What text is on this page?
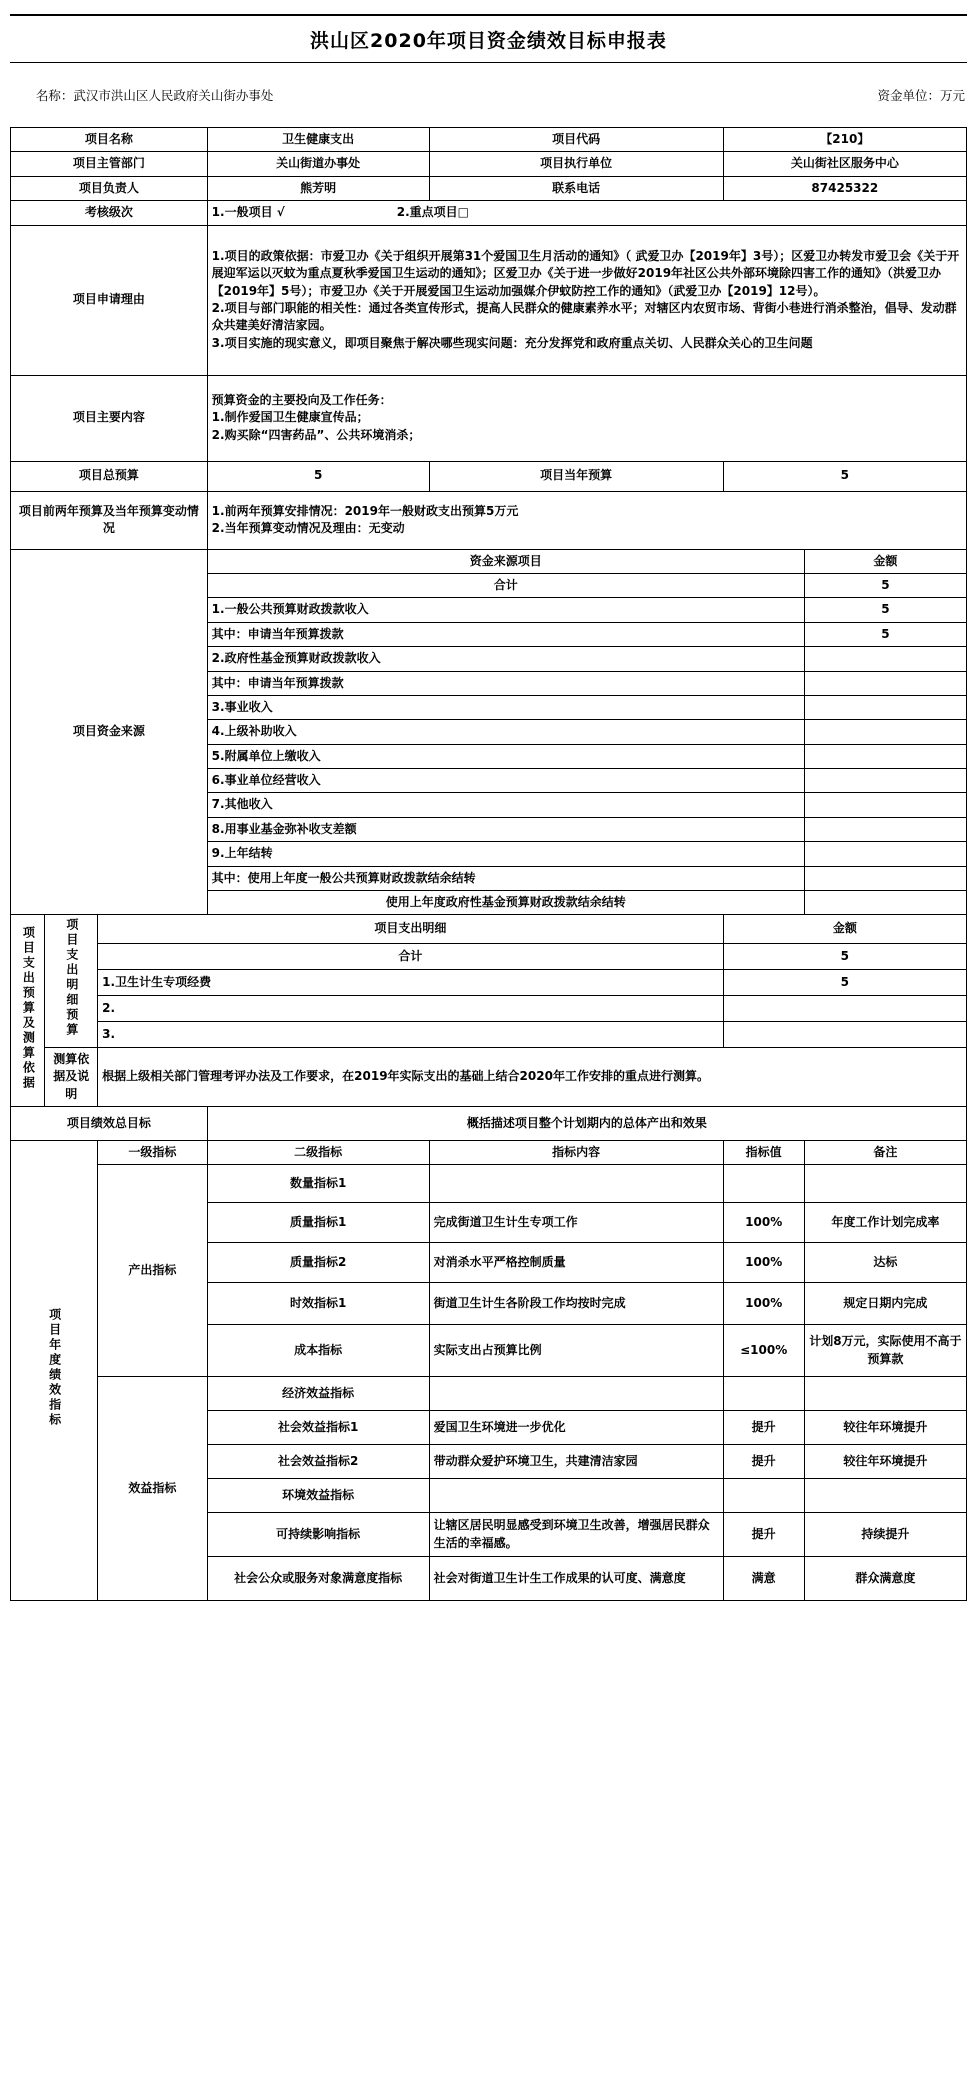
洪山区2020年项目资金绩效目标申报表

名称：武汉市洪山区人民政府关山街办事处
	资金单位：万元
项目名称			卫生健康支出	项目代码	【210】	
项目主管部门			关山街道办事处	项目执行单位	关山街社区服务中心	
项目负责人			熊芳明	联系电话	87425322	
考核级次			1.一般项目 √ 2.重点项目□			

项目申请理由			1.项目的政策依据：市爱卫办《关于组织开展第31个爱国卫生月活动的通知》（ 武爱卫办【2019年】3号）；区爱卫办转发市爱卫会《关于开展迎军运以灭蚊为重点夏秋季爱国卫生运动的通知》；区爱卫办《关于进一步做好2019年社区公共外部环境除四害工作的通知》（洪爱卫办【2019年】5号）；市爱卫办《关于开展爱国卫生运动加强媒介伊蚊防控工作的通知》（武爱卫办【2019】12号）。

2.项目与部门职能的相关性：通过各类宣传形式，提高人民群众的健康素养水平；对辖区内农贸市场、背街小巷进行消杀整治，倡导、发动群众共建美好清洁家园。

3.项目实施的现实意义，即项目聚焦于解决哪些现实问题：充分发挥党和政府重点关切、人民群众关心的卫生问题			

项目主要内容			预算资金的主要投向及工作任务：

1.制作爱国卫生健康宣传品；

2.购买除“四害药品”、公共环境消杀；			

项目总预算			5	项目当年预算	5	
项目前两年预算及当年预算变动情况			1.前两年预算安排情况：2019年一般财政支出预算5万元

2.当年预算变动情况及理由：无变动			

项目资金来源			资金来源项目			金额
			合计			5
			1.一般公共预算财政拨款收入			5
			其中：申请当年预算拨款			5
			2.政府性基金预算财政拨款收入			
			其中：申请当年预算拨款			
			3.事业收入			
			4.上级补助收入			
			5.附属单位上缴收入			
			6.事业单位经营收入			
			7.其他收入			
			8.用事业基金弥补收支差额			
			9.上年结转			
			其中：使用上年度一般公共预算财政拨款结余结转			
			使用上年度政府性基金预算财政拨款结余结转			
项目支出预算及测算依据	项目支出明细预算	项目支出明细			金额	
		合计			5	
		1.卫生计生专项经费			5	
		2.				
		3.				
	测算依据及说明	根据上级相关部门管理考评办法及工作要求，在2019年实际支出的基础上结合2020年工作安排的重点进行测算。				
项目绩效总目标			概括描述项目整个计划期内的总体产出和效果			
项目年度绩效指标		一级指标	二级指标	指标内容	指标值	备注
		产出指标	数量指标1			
			质量指标1	完成街道卫生计生专项工作	100%	年度工作计划完成率
			质量指标2	对消杀水平严格控制质量	100%	达标
			时效指标1	街道卫生计生各阶段工作均按时完成	100%	规定日期内完成
			成本指标	实际支出占预算比例	≤100%	计划8万元，实际使用不高于预算款
		效益指标	经济效益指标			
			社会效益指标1	爱国卫生环境进一步优化	提升	较往年环境提升
			社会效益指标2	带动群众爱护环境卫生，共建清洁家园	提升	较往年环境提升
			环境效益指标			
			可持续影响指标	让辖区居民明显感受到环境卫生改善，增强居民群众生活的幸福感。	提升	持续提升
			社会公众或服务对象满意度指标	社会对街道卫生计生工作成果的认可度、满意度	满意	群众满意度
